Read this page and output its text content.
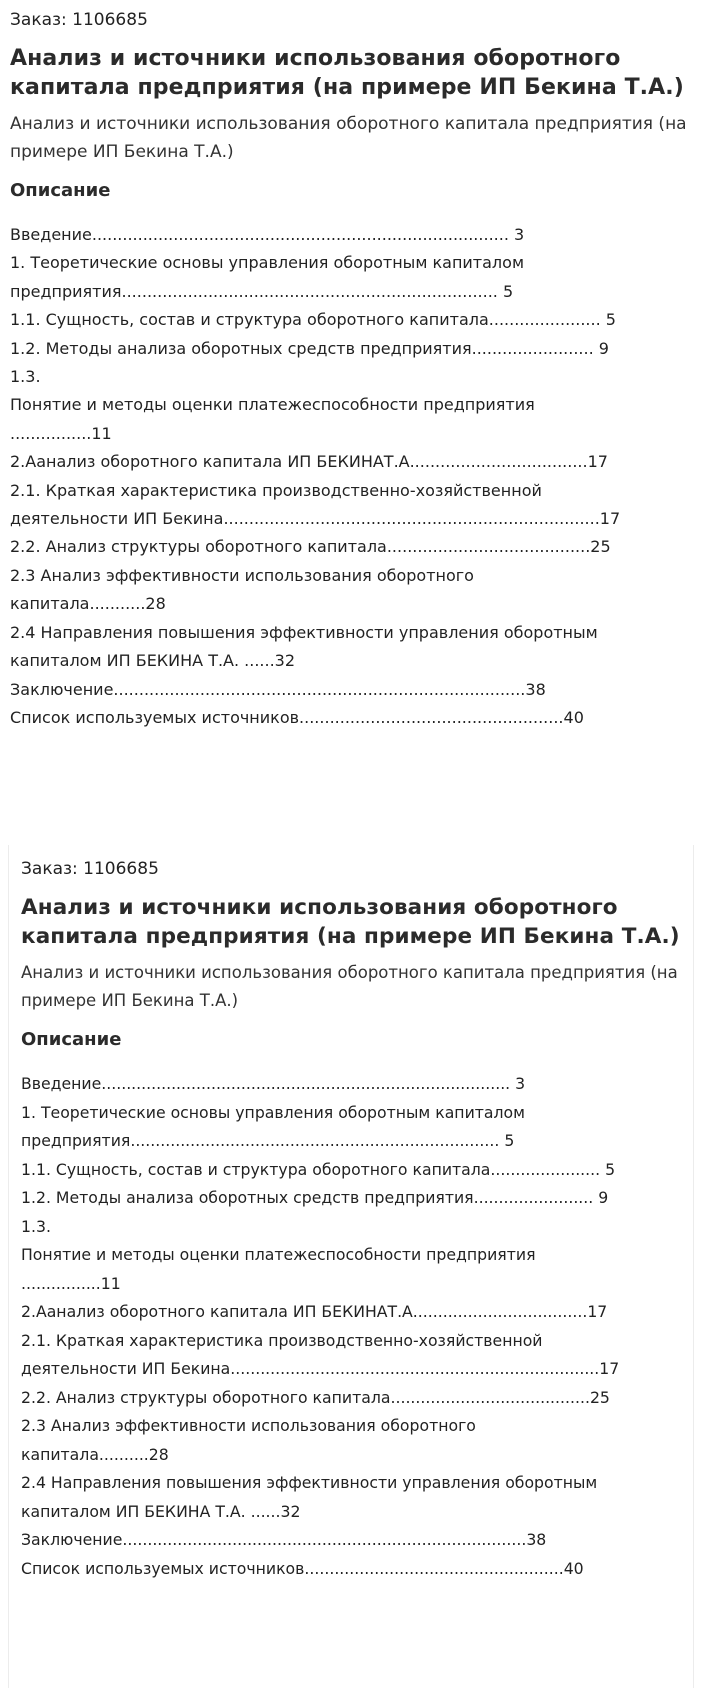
Заказ: 1106685
Анализ и источники использования оборотного капитала предприятия (на примере ИП Бекина Т.А.)
Анализ и источники использования оборотного капитала предприятия (на примере ИП Бекина Т.А.)
Описание
Введение.................................................................................. 3
1. Теоретические основы управления оборотным капиталом
предприятия.......................................................................... 5
1.1. Сущность, состав и структура оборотного капитала...................... 5
1.2. Методы анализа оборотных средств предприятия........................ 9
1.3.
Понятие и методы оценки платежеспособности предприятия
................11
2.Аанализ оборотного капитала ИП БЕКИНАТ.А...................................17
2.1. Краткая характеристика производственно-хозяйственной
деятельности ИП Бекина..........................................................................17
2.2. Анализ структуры оборотного капитала........................................25
2.3 Анализ эффективности использования оборотного
капитала...........28
2.4 Направления повышения эффективности управления оборотным
капиталом ИП БЕКИНА Т.А. ......32
Заключение.................................................................................38
Список используемых источников....................................................40
Заказ: 1106685
Анализ и источники использования оборотного капитала предприятия (на примере ИП Бекина Т.А.)
Анализ и источники использования оборотного капитала предприятия (на примере ИП Бекина Т.А.)
Описание
Введение.................................................................................. 3
1. Теоретические основы управления оборотным капиталом
предприятия.......................................................................... 5
1.1. Сущность, состав и структура оборотного капитала...................... 5
1.2. Методы анализа оборотных средств предприятия........................ 9
1.3.
Понятие и методы оценки платежеспособности предприятия
................11
2.Аанализ оборотного капитала ИП БЕКИНАТ.А...................................17
2.1. Краткая характеристика производственно-хозяйственной
деятельности ИП Бекина..........................................................................17
2.2. Анализ структуры оборотного капитала........................................25
2.3 Анализ эффективности использования оборотного
капитала..........28
2.4 Направления повышения эффективности управления оборотным
капиталом ИП БЕКИНА Т.А. ......32
Заключение.................................................................................38
Список используемых источников....................................................40
